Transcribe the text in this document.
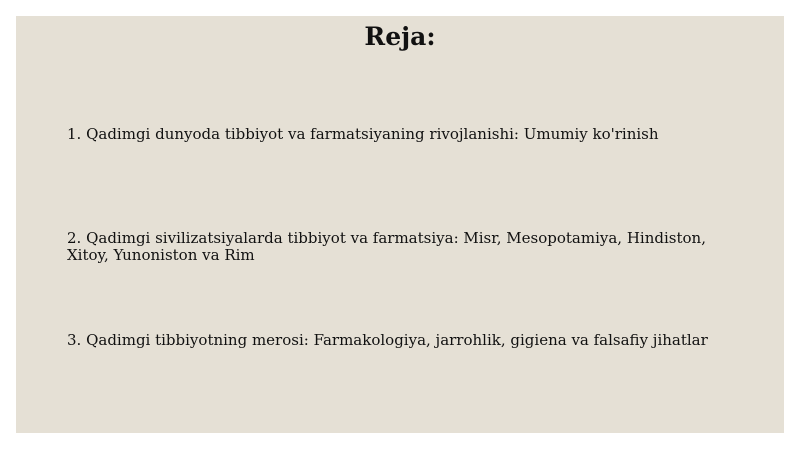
Reja:
1. Qadimgi dunyoda tibbiyot va farmatsiyaning rivojlanishi: Umumiy ko'rinish
2. Qadimgi sivilizatsiyalarda tibbiyot va farmatsiya: Misr, Mesopotamiya, Hindiston, Xitoy, Yunoniston va Rim
3. Qadimgi tibbiyotning merosi: Farmakologiya, jarrohlik, gigiena va falsafiy jihatlar
